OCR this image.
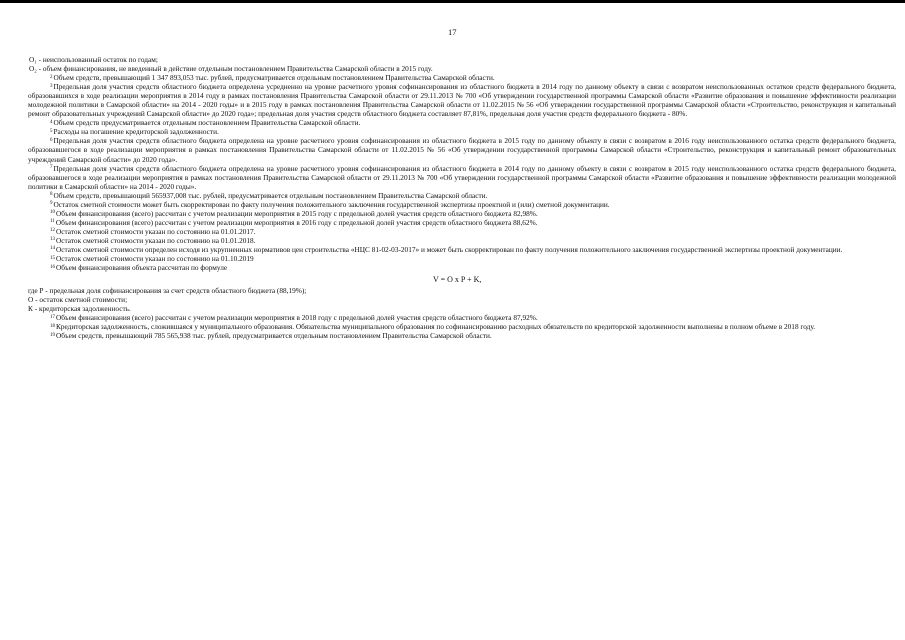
17

О₁ - неиспользованный остаток по годам;

О₂ - объем финансирования, не введенный в действие отдельным постановлением Правительства Самарской области в 2015 году.

$^2$Объем средств, превышающий 1 347 893,053 тыс. рублей, предусматривается отдельным постановлением Правительства Самарской области.

$^3$Предельная доля участия средств областного бюджета определена усредненно на уровне расчетного уровня софинансирования из областного бюджета в 2014 году по данному объекту в связи с возвратом неиспользованных остатков средств федерального бюджета, образовавшихся в ходе реализации мероприятия в 2014 году в рамках постановления Правительства Самарской области от 29.11.2013 № 700 «Об утверждении государственной программы Самарской области «Развитие образования и повышение эффективности реализации молодежной политики в Самарской области» на 2014 - 2020 годы» и в 2015 году в рамках постановления Правительства Самарской области от 11.02.2015 № 56 «Об утверждении государственной программы Самарской области «Строительство, реконструкция и капитальный ремонт образовательных учреждений Самарской области» до 2020 года»; предельная доля участия средств областного бюджета составляет 87,81%, предельная доля участия средств федерального бюджета - 80%.

$^4$Объем средств предусматривается отдельным постановлением Правительства Самарской области.

$^5$Расходы на погашение кредиторской задолженности.

$^6$Предельная доля участия средств областного бюджета определена на уровне расчетного уровня софинансирования из областного бюджета в 2015 году по данному объекту в связи с возвратом в 2016 году неиспользованного остатка средств федерального бюджета, образовавшегося в ходе реализации мероприятия в рамках постановления Правительства Самарской области от 11.02.2015 № 56 «Об утверждении государственной программы Самарской области «Строительство, реконструкция и капитальный ремонт образовательных учреждений Самарской области» до 2020 года».

$^7$Предельная доля участия средств областного бюджета определена на уровне расчетного уровня софинансирования из областного бюджета в 2014 году по данному объекту в связи с возвратом в 2015 году неиспользованного остатка средств федерального бюджета, образовавшегося в ходе реализации мероприятия в рамках постановления Правительства Самарской области от 29.11.2013 № 700 «Об утверждении государственной программы Самарской области «Развитие образования и повышение эффективности реализации молодежной политики в Самарской области» на 2014 - 2020 годы».

$^8$Объем средств, превышающий 565937,008 тыс. рублей, предусматривается отдельным постановлением Правительства Самарской области.

$^9$Остаток сметной стоимости может быть скорректирован по факту получения положительного заключения государственной экспертизы проектной и (или) сметной документации.

$^{10}$Объем финансирования (всего) рассчитан с учетом реализации мероприятия в 2015 году с предельной долей участия средств областного бюджета 82,98%.

$^{11}$Объем финансирования (всего) рассчитан с учетом реализации мероприятия в 2016 году с предельной долей участия средств областного бюджета 88,62%.

$^{12}$Остаток сметной стоимости указан по состоянию на 01.01.2017.

$^{13}$Остаток сметной стоимости указан по состоянию на 01.01.2018.

$^{14}$Остаток сметной стоимости определен исходя из укрупненных нормативов цен строительства «НЦС 81-02-03-2017» и может быть скорректирован по факту получения положительного заключения государственной экспертизы проектной документации.

$^{15}$Остаток сметной стоимости указан по состоянию на 01.10.2019

$^{16}$Объем финансирования объекта рассчитан по формуле

V = O x P + K,

где Р - предельная доля софинансирования за счет средств областного бюджета (88,19%);

О - остаток сметной стоимости;

К - кредиторская задолженность.

$^{17}$Объем финансирования (всего) рассчитан с учетом реализации мероприятия в 2018 году с предельной долей участия средств областного бюджета 87,92%.

$^{18}$Кредиторская задолженность, сложившаяся у муниципального образования. Обязательства муниципального образования по софинансированию расходных обязательств по кредиторской задолженности выполнены в полном объеме в 2018 году.

$^{19}$Объем средств, превышающий 785 565,938 тыс. рублей, предусматривается отдельным постановлением Правительства Самарской области.
